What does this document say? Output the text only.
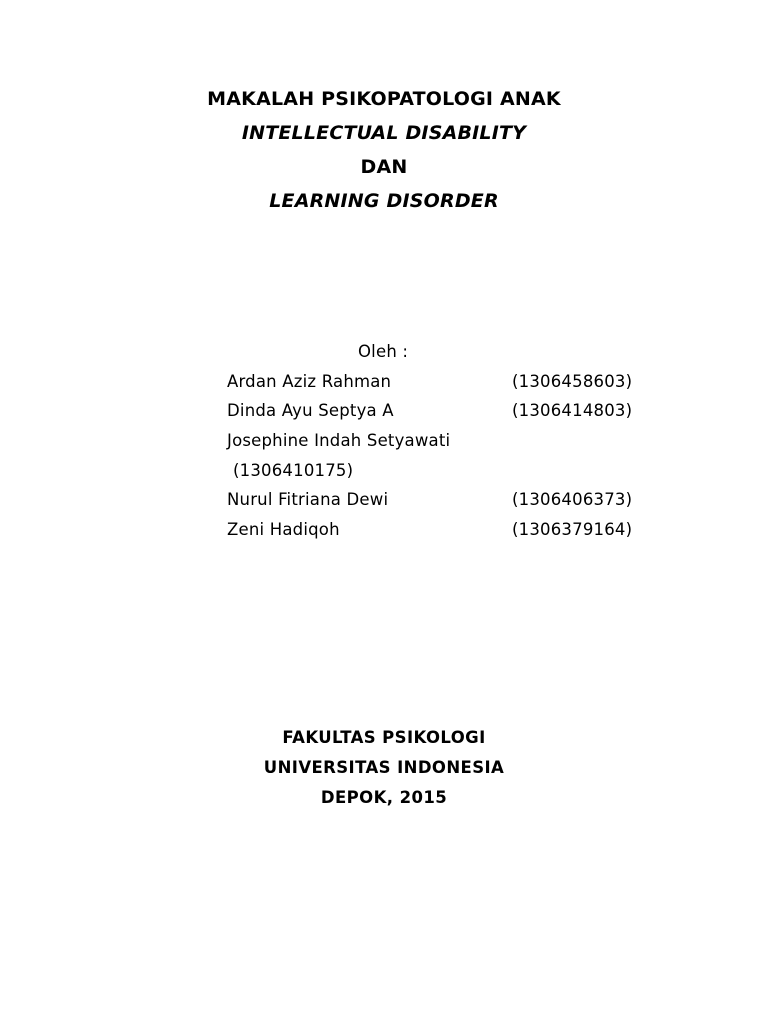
MAKALAH PSIKOPATOLOGI ANAK
INTELLECTUAL DISABILITY
DAN
LEARNING DISORDER
Oleh :
Ardan Aziz Rahman	(1306458603)
Dinda Ayu Septya A	(1306414803)
Josephine Indah Setyawati
(1306410175)
Nurul Fitriana Dewi	(1306406373)
Zeni Hadiqoh	(1306379164)
FAKULTAS PSIKOLOGI
UNIVERSITAS INDONESIA
DEPOK, 2015
